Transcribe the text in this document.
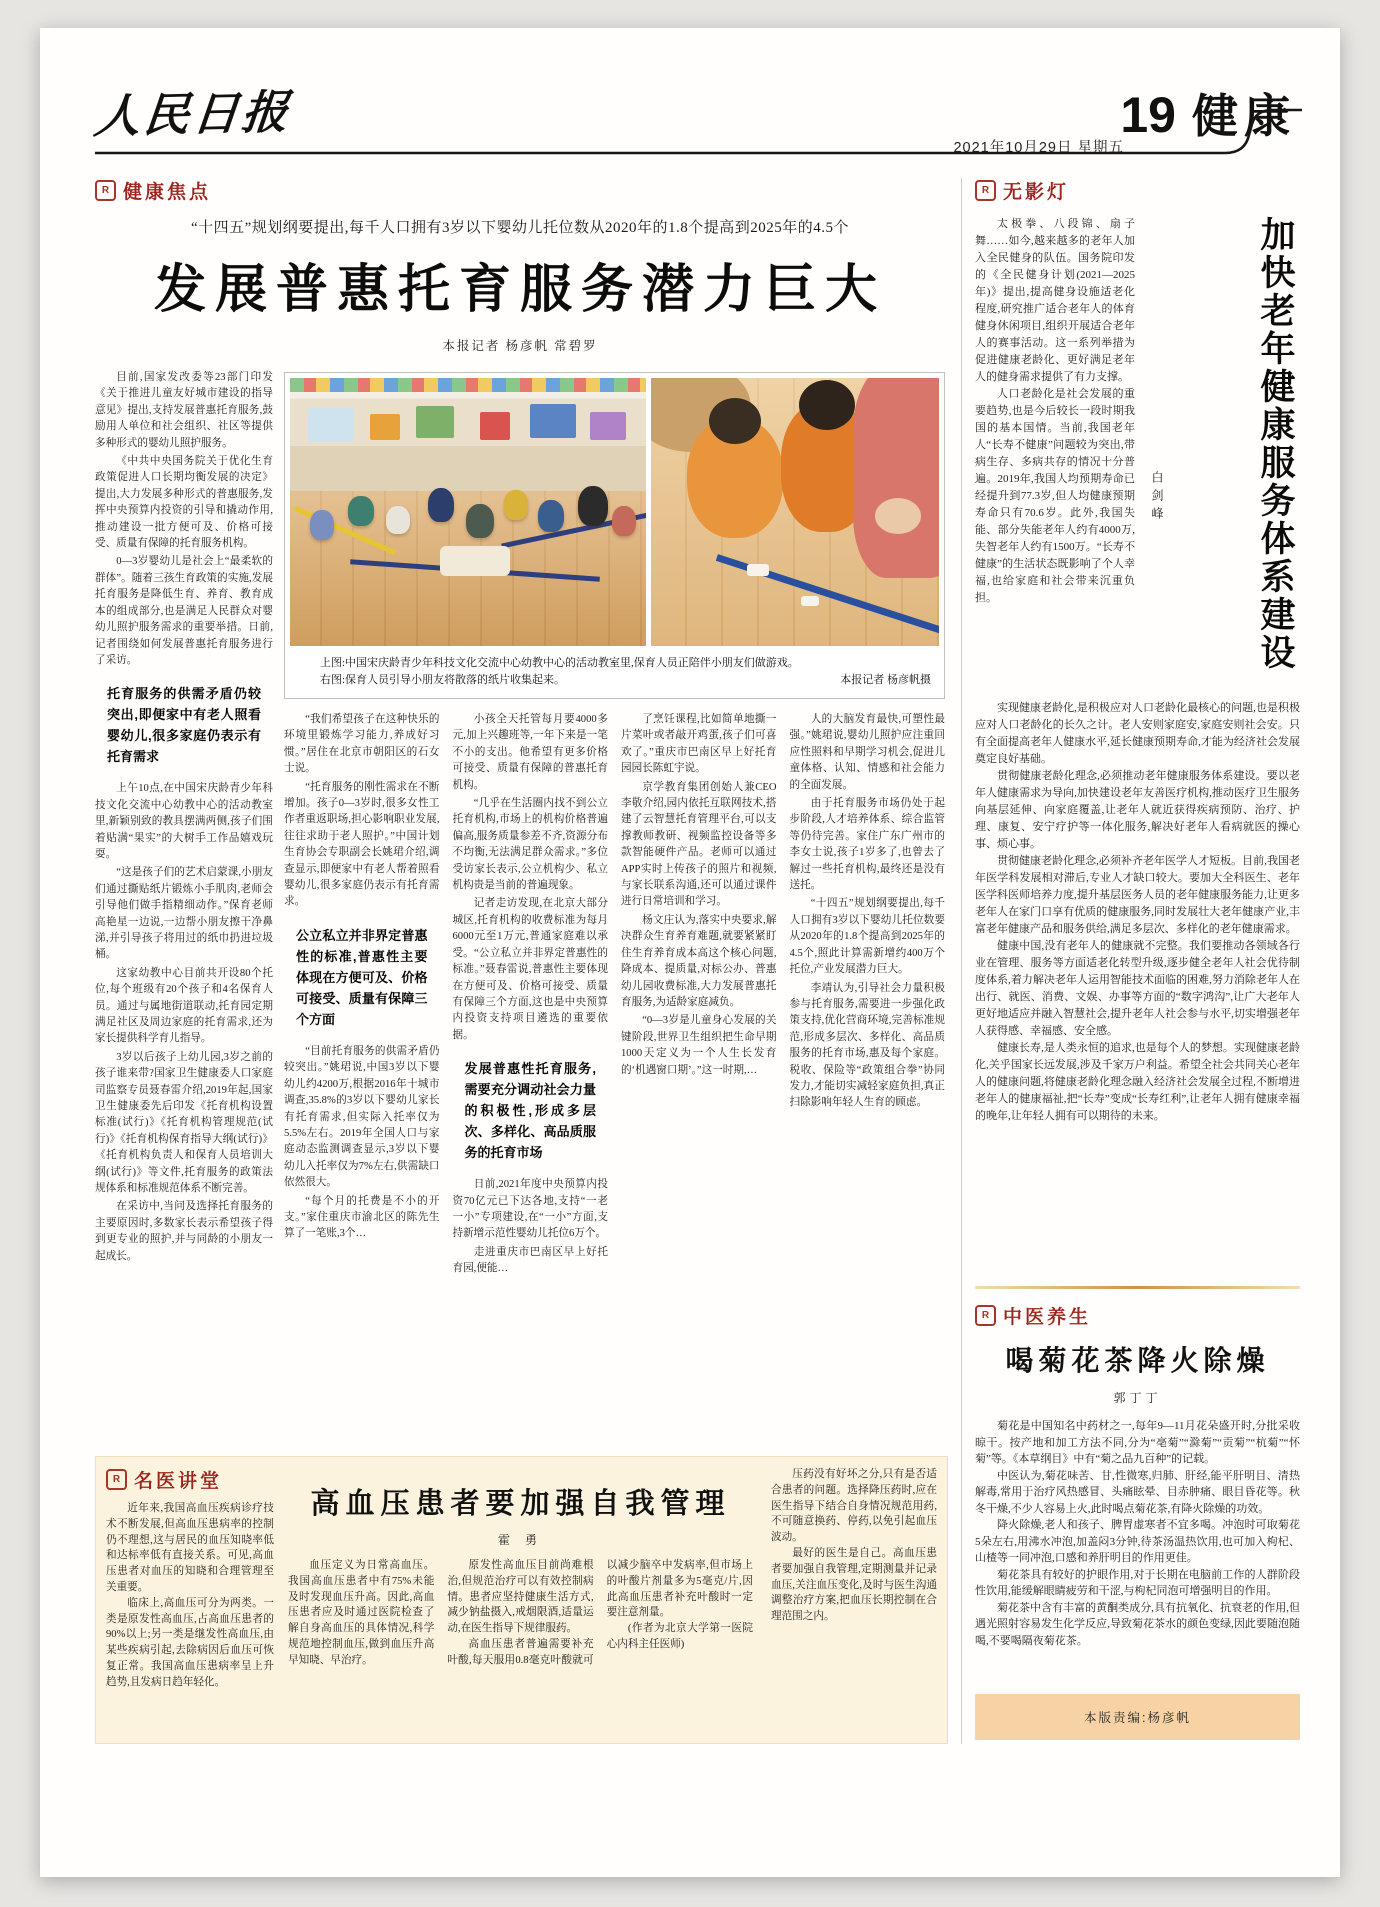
人民日报
2021年10月29日 星期五
19 健康
R 健康焦点
“十四五”规划纲要提出,每千人口拥有3岁以下婴幼儿托位数从2020年的1.8个提高到2025年的4.5个
发展普惠托育服务潜力巨大
本报记者 杨彦帆 常碧罗

目前,国家发改委等23部门印发《关于推进儿童友好城市建设的指导意见》提出,支持发展普惠托育服务,鼓励用人单位和社会组织、社区等提供多种形式的婴幼儿照护服务。

《中共中央国务院关于优化生育政策促进人口长期均衡发展的决定》提出,大力发展多种形式的普惠服务,发挥中央预算内投资的引导和撬动作用,推动建设一批方便可及、价格可接受、质量有保障的托育服务机构。

0—3岁婴幼儿是社会上“最柔软的群体”。随着三孩生育政策的实施,发展托育服务是降低生育、养育、教育成本的组成部分,也是满足人民群众对婴幼儿照护服务需求的重要举措。日前,记者围绕如何发展普惠托育服务进行了采访。

托育服务的供需矛盾仍较突出,即便家中有老人照看婴幼儿,很多家庭仍表示有托育需求

上午10点,在中国宋庆龄青少年科技文化交流中心幼教中心的活动教室里,新颖别致的教具摆满两侧,孩子们围着贴满“果实”的大树手工作品嬉戏玩耍。

“这是孩子们的艺术启蒙课,小朋友们通过撕贴纸片锻炼小手肌肉,老师会引导他们做手指精细动作。”保育老师高艳星一边说,一边帮小朋友擦干净鼻涕,并引导孩子将用过的纸巾扔进垃圾桶。

这家幼教中心目前共开设80个托位,每个班级有20个孩子和4名保育人员。通过与属地街道联动,托育园定期满足社区及周边家庭的托育需求,还为家长提供科学育儿指导。

3岁以后孩子上幼儿园,3岁之前的孩子谁来带?国家卫生健康委人口家庭司监察专员聂春雷介绍,2019年起,国家卫生健康委先后印发《托育机构设置标准(试行)》《托育机构管理规范(试行)》《托育机构保育指导大纲(试行)》《托育机构负责人和保育人员培训大纲(试行)》等文件,托育服务的政策法规体系和标准规范体系不断完善。

在采访中,当问及选择托育服务的主要原因时,多数家长表示希望孩子得到更专业的照护,并与同龄的小朋友一起成长。

上图:中国宋庆龄青少年科技文化交流中心幼教中心的活动教室里,保育人员正陪伴小朋友们做游戏。

右图:保育人员引导小朋友将散落的纸片收集起来。	本报记者 杨彦帆摄

“我们希望孩子在这种快乐的环境里锻炼学习能力,养成好习惯。”居住在北京市朝阳区的石女士说。

“托育服务的刚性需求在不断增加。孩子0—3岁时,很多女性工作者重返职场,担心影响职业发展,往往求助于老人照护。”中国计划生育协会专职副会长姚珺介绍,调查显示,即便家中有老人帮着照看婴幼儿,很多家庭仍表示有托育需求。

公立私立并非界定普惠性的标准,普惠性主要体现在方便可及、价格可接受、质量有保障三个方面

“目前托育服务的供需矛盾仍较突出。”姚珺说,中国3岁以下婴幼儿约4200万,根据2016年十城市调查,35.8%的3岁以下婴幼儿家长有托育需求,但实际入托率仅为5.5%左右。2019年全国人口与家庭动态监测调查显示,3岁以下婴幼儿入托率仅为7%左右,供需缺口依然很大。

“每个月的托费是不小的开支。”家住重庆市渝北区的陈先生算了一笔账,3个…

小孩全天托管每月要4000多元,加上兴趣班等,一年下来是一笔不小的支出。他希望有更多价格可接受、质量有保障的普惠托育机构。

“几乎在生活圈内找不到公立托育机构,市场上的机构价格普遍偏高,服务质量参差不齐,资源分布不均衡,无法满足群众需求。”多位受访家长表示,公立机构少、私立机构贵是当前的普遍现象。

记者走访发现,在北京大部分城区,托育机构的收费标准为每月6000元至1万元,普通家庭难以承受。“公立私立并非界定普惠性的标准。”聂春雷说,普惠性主要体现在方便可及、价格可接受、质量有保障三个方面,这也是中央预算内投资支持项目遴选的重要依据。

发展普惠性托育服务,需要充分调动社会力量的积极性,形成多层次、多样化、高品质服务的托育市场

日前,2021年度中央预算内投资70亿元已下达各地,支持“一老一小”专项建设,在“一小”方面,支持新增示范性婴幼儿托位6万个。

走进重庆市巴南区早上好托育园,便能…

了烹饪课程,比如简单地撕一片菜叶或者敲开鸡蛋,孩子们可喜欢了。”重庆市巴南区早上好托育园园长陈虹宇说。

京学教育集团创始人兼CEO李敬介绍,园内依托互联网技术,搭建了云智慧托育管理平台,可以支撑教师教研、视频监控设备等多款智能硬件产品。老师可以通过APP实时上传孩子的照片和视频,与家长联系沟通,还可以通过课件进行日常培训和学习。

杨文庄认为,落实中央要求,解决群众生育养育难题,就要紧紧盯住生育养育成本高这个核心问题,降成本、提质量,对标公办、普惠幼儿园收费标准,大力发展普惠托育服务,为适龄家庭减负。

“0—3岁是儿童身心发展的关键阶段,世界卫生组织把生命早期1000天定义为一个人生长发育的‘机遇窗口期’。”这一时期,…

人的大脑发育最快,可塑性最强。”姚珺说,婴幼儿照护应注重回应性照料和早期学习机会,促进儿童体格、认知、情感和社会能力的全面发展。

由于托育服务市场仍处于起步阶段,人才培养体系、综合监管等仍待完善。家住广东广州市的李女士说,孩子1岁多了,也曾去了解过一些托育机构,最终还是没有送托。

“十四五”规划纲要提出,每千人口拥有3岁以下婴幼儿托位数要从2020年的1.8个提高到2025年的4.5个,照此计算需新增约400万个托位,产业发展潜力巨大。

李靖认为,引导社会力量积极参与托育服务,需要进一步强化政策支持,优化营商环境,完善标准规范,形成多层次、多样化、高品质服务的托育市场,惠及每个家庭。税收、保险等“政策组合拳”协同发力,才能切实减轻家庭负担,真正扫除影响年轻人生育的顾虑。

R 无影灯

太极拳、八段锦、扇子舞……如今,越来越多的老年人加入全民健身的队伍。国务院印发的《全民健身计划(2021—2025年)》提出,提高健身设施适老化程度,研究推广适合老年人的体育健身休闲项目,组织开展适合老年人的赛事活动。这一系列举措为促进健康老龄化、更好满足老年人的健身需求提供了有力支撑。

人口老龄化是社会发展的重要趋势,也是今后较长一段时期我国的基本国情。当前,我国老年人“长寿不健康”问题较为突出,带病生存、多病共存的情况十分普遍。2019年,我国人均预期寿命已经提升到77.3岁,但人均健康预期寿命只有70.6岁。此外,我国失能、部分失能老年人约有4000万,失智老年人约有1500万。“长寿不健康”的生活状态既影响了个人幸福,也给家庭和社会带来沉重负担。

白剑峰	加快老年健康服务体系建设

实现健康老龄化,是积极应对人口老龄化最核心的问题,也是积极应对人口老龄化的长久之计。老人安则家庭安,家庭安则社会安。只有全面提高老年人健康水平,延长健康预期寿命,才能为经济社会发展奠定良好基础。

贯彻健康老龄化理念,必须推动老年健康服务体系建设。要以老年人健康需求为导向,加快建设老年友善医疗机构,推动医疗卫生服务向基层延伸、向家庭覆盖,让老年人就近获得疾病预防、治疗、护理、康复、安宁疗护等一体化服务,解决好老年人看病就医的操心事、烦心事。

贯彻健康老龄化理念,必须补齐老年医学人才短板。目前,我国老年医学科发展相对滞后,专业人才缺口较大。要加大全科医生、老年医学科医师培养力度,提升基层医务人员的老年健康服务能力,让更多老年人在家门口享有优质的健康服务,同时发展壮大老年健康产业,丰富老年健康产品和服务供给,满足多层次、多样化的老年健康需求。

健康中国,没有老年人的健康就不完整。我们要推动各领域各行业在管理、服务等方面适老化转型升级,逐步健全老年人社会优待制度体系,着力解决老年人运用智能技术面临的困难,努力消除老年人在出行、就医、消费、文娱、办事等方面的“数字鸿沟”,让广大老年人更好地适应并融入智慧社会,提升老年人社会参与水平,切实增强老年人获得感、幸福感、安全感。

健康长寿,是人类永恒的追求,也是每个人的梦想。实现健康老龄化,关乎国家长远发展,涉及千家万户利益。希望全社会共同关心老年人的健康问题,将健康老龄化理念融入经济社会发展全过程,不断增进老年人的健康福祉,把“长寿”变成“长寿红利”,让老年人拥有健康幸福的晚年,让年轻人拥有可以期待的未来。

R 中医养生
喝菊花茶降火除燥
郭丁丁

菊花是中国知名中药材之一,每年9—11月花朵盛开时,分批采收晾干。按产地和加工方法不同,分为“亳菊”“滁菊”“贡菊”“杭菊”“怀菊”等。《本草纲目》中有“菊之品九百种”的记载。

中医认为,菊花味苦、甘,性微寒,归肺、肝经,能平肝明目、清热解毒,常用于治疗风热感冒、头痛眩晕、目赤肿痛、眼目昏花等。秋冬干燥,不少人容易上火,此时喝点菊花茶,有降火除燥的功效。

降火除燥,老人和孩子、脾胃虚寒者不宜多喝。冲泡时可取菊花5朵左右,用沸水冲泡,加盖闷3分钟,待茶汤温热饮用,也可加入枸杞、山楂等一同冲泡,口感和养肝明目的作用更佳。

菊花茶具有较好的护眼作用,对于长期在电脑前工作的人群阶段性饮用,能缓解眼睛疲劳和干涩,与枸杞同泡可增强明目的作用。

菊花茶中含有丰富的黄酮类成分,具有抗氧化、抗衰老的作用,但遇光照射容易发生化学反应,导致菊花茶水的颜色变绿,因此要随泡随喝,不要喝隔夜菊花茶。

本版责编:杨彦帆
R 名医讲堂

近年来,我国高血压疾病诊疗技术不断发展,但高血压患病率的控制仍不理想,这与居民的血压知晓率低和达标率低有直接关系。可见,高血压患者对血压的知晓和合理管理至关重要。

临床上,高血压可分为两类。一类是原发性高血压,占高血压患者的90%以上;另一类是继发性高血压,由某些疾病引起,去除病因后血压可恢复正常。我国高血压患病率呈上升趋势,且发病日趋年轻化。

高血压患者要加强自我管理
霍 勇

血压定义为日常高血压。我国高血压患者中有75%未能及时发现血压升高。因此,高血压患者应及时通过医院检查了解自身高血压的具体情况,科学规范地控制血压,做到血压升高早知晓、早治疗。

原发性高血压目前尚难根治,但规范治疗可以有效控制病情。患者应坚持健康生活方式,减少钠盐摄入,戒烟限酒,适量运动,在医生指导下规律服药。

高血压患者普遍需要补充叶酸,每天服用0.8毫克叶酸就可以减少脑卒中发病率,但市场上的叶酸片剂量多为5毫克/片,因此高血压患者补充叶酸时一定要注意剂量。

(作者为北京大学第一医院心内科主任医师)

压药没有好坏之分,只有是否适合患者的问题。选择降压药时,应在医生指导下结合自身情况规范用药,不可随意换药、停药,以免引起血压波动。

最好的医生是自己。高血压患者要加强自我管理,定期测量并记录血压,关注血压变化,及时与医生沟通调整治疗方案,把血压长期控制在合理范围之内。
